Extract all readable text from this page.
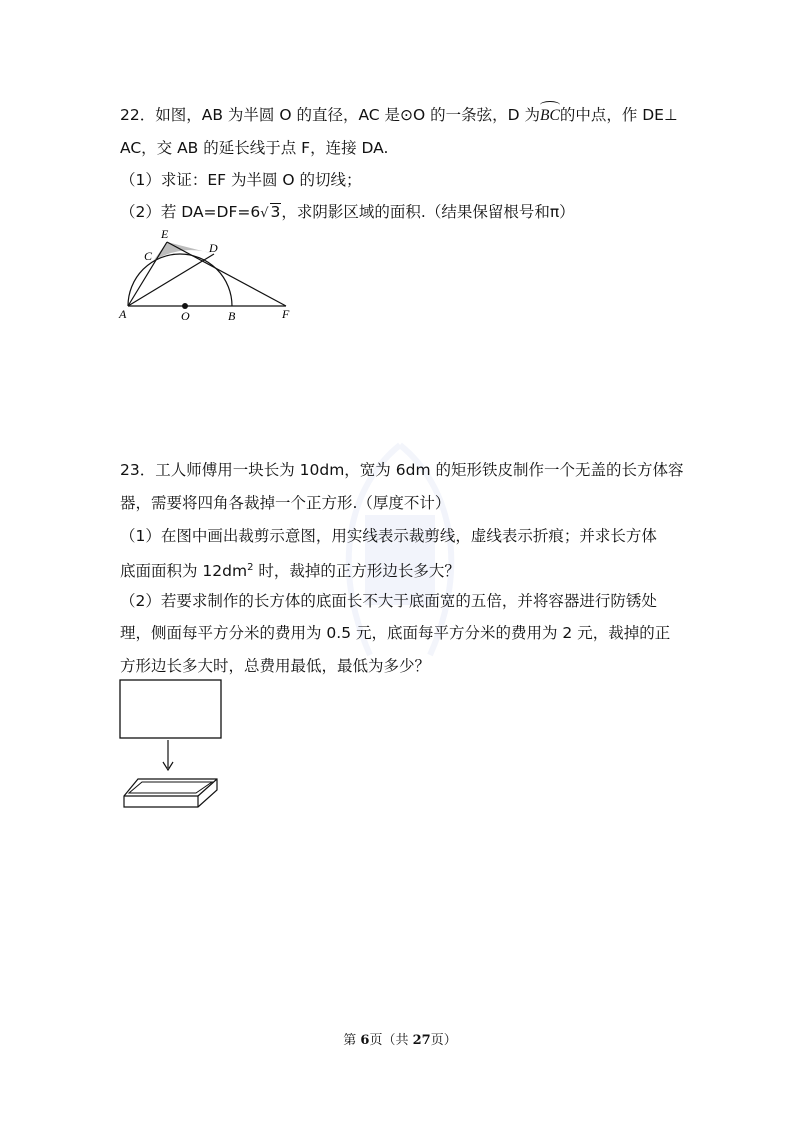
22．如图，AB 为半圆 O 的直径，AC 是⊙O 的一条弦，D 为BC的中点，作 DE⊥
AC，交 AB 的延长线于点 F，连接 DA.
（1）求证：EF 为半圆 O 的切线；
（2）若 DA=DF=6√ 3，求阴影区域的面积.（结果保留根号和π）
E
C
D
A	O	B	F
23．工人师傅用一块长为 10dm，宽为 6dm 的矩形铁皮制作一个无盖的长方体容
器，需要将四角各裁掉一个正方形.（厚度不计）
（1）在图中画出裁剪示意图，用实线表示裁剪线，虚线表示折痕；并求长方体
底面面积为 $12dm^2$ 时，裁掉的正方形边长多大？
（2）若要求制作的长方体的底面长不大于底面宽的五倍，并将容器进行防锈处
理，侧面每平方分米的费用为 0.5 元，底面每平方分米的费用为 2 元，裁掉的正
方形边长多大时，总费用最低，最低为多少？
第 6页（共 27页）
